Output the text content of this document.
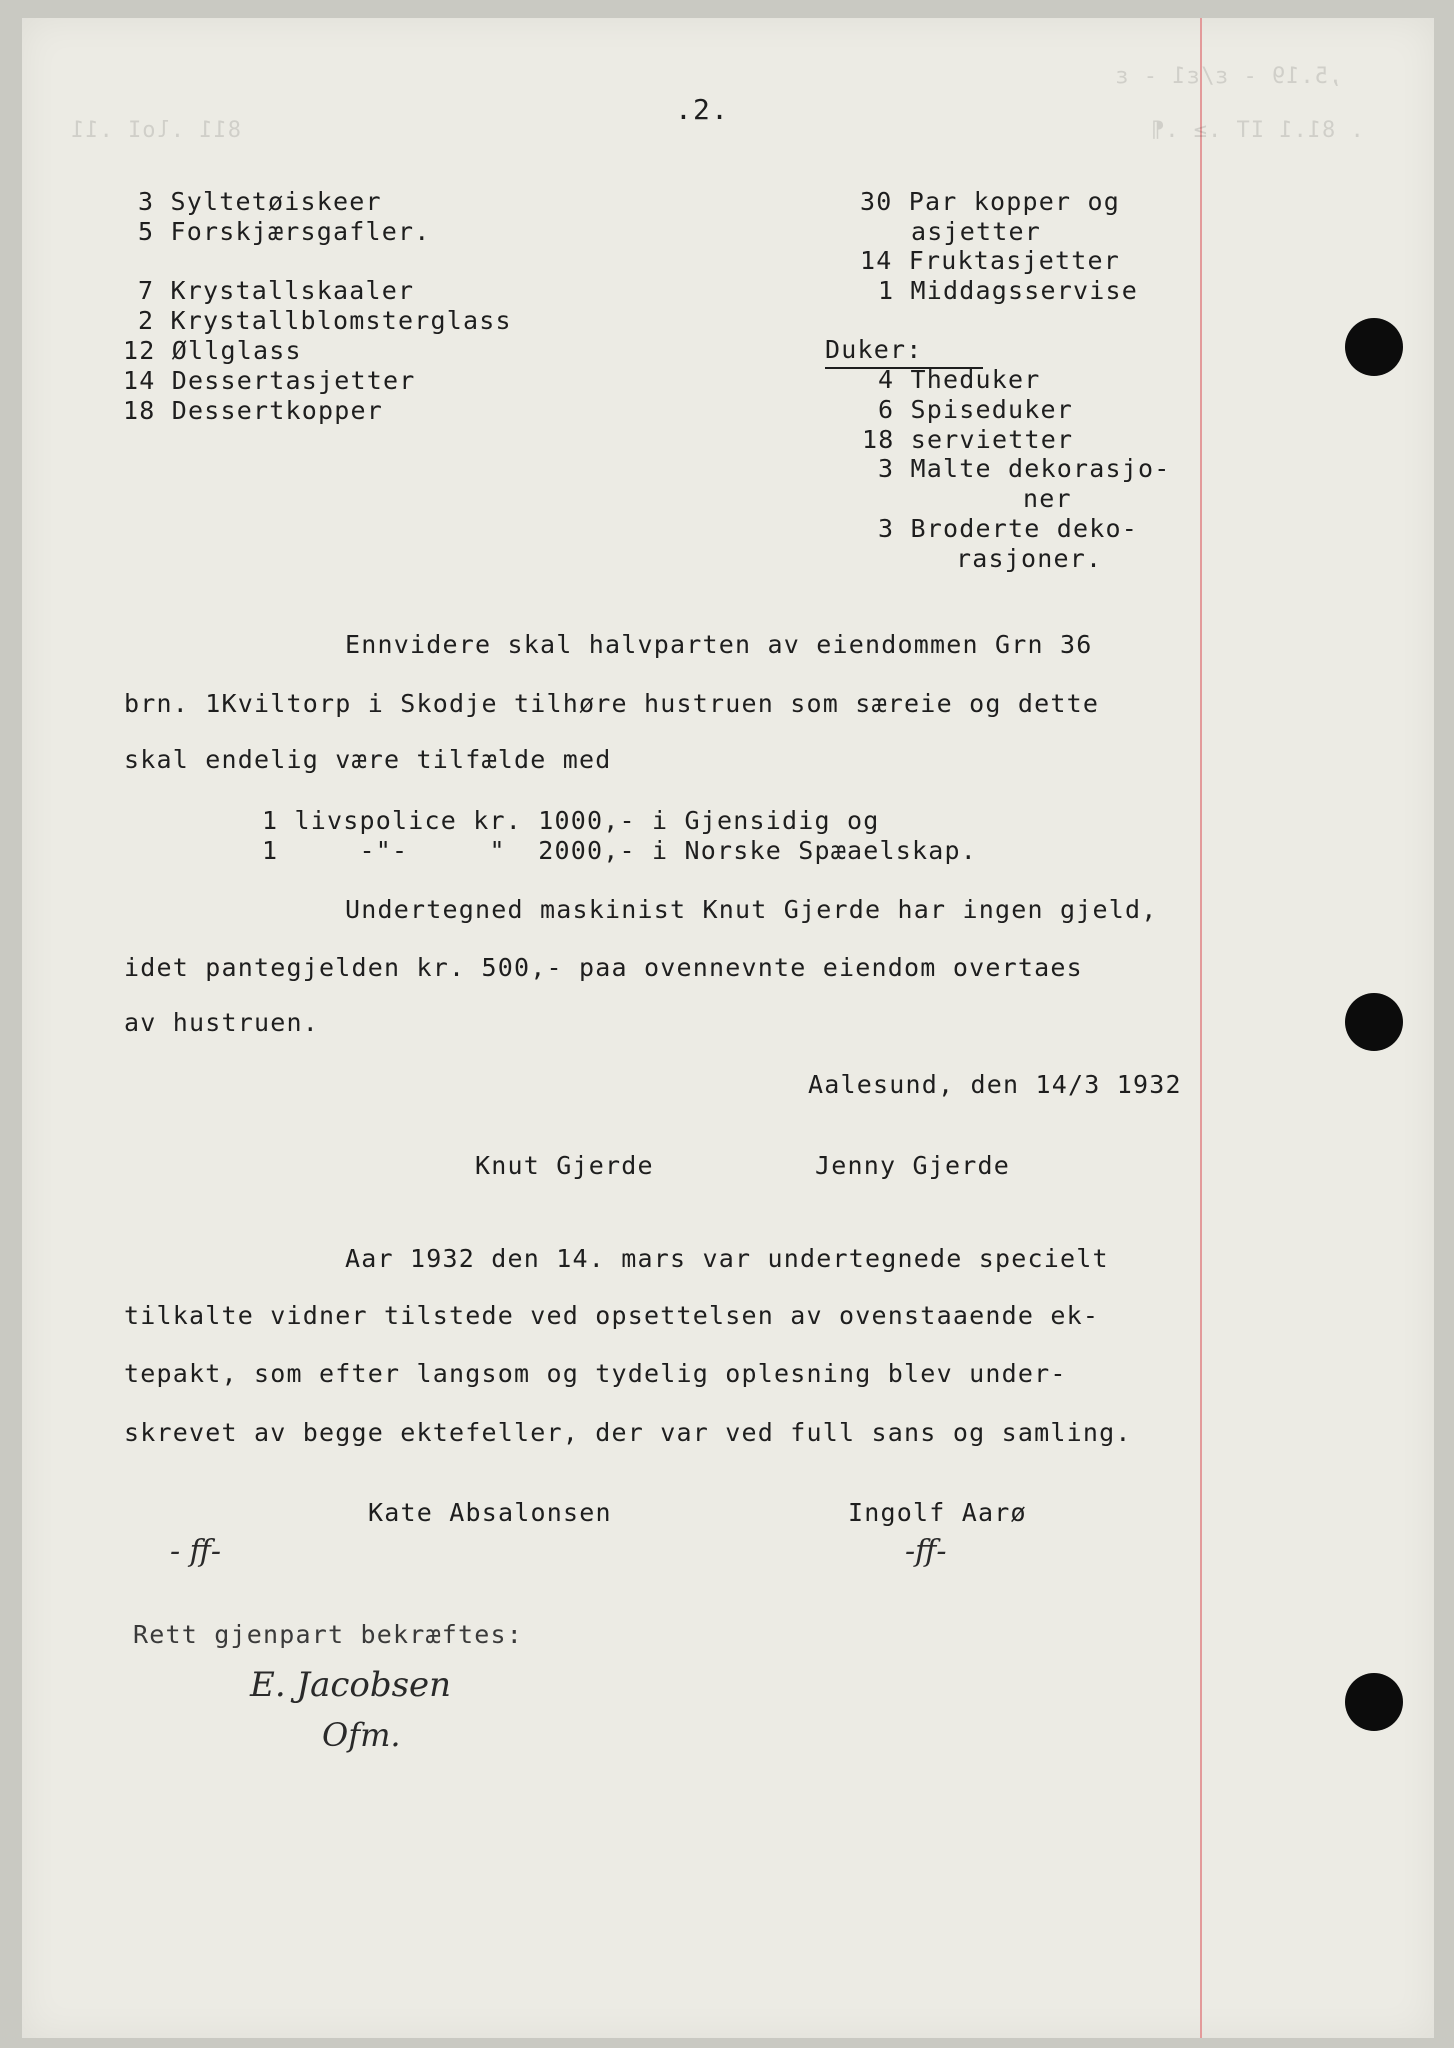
,5.19 - ε/ε1 - ε
. 81.1 IT .≥ .¶
811 .loI .11
.2.
3 Syltetøiskeer
5 Forskjærsgafler.
7 Krystallskaaler
2 Krystallblomsterglass
12 Øllglass
14 Dessertasjetter
18 Dessertkopper
30 Par kopper og
asjetter
14 Fruktasjetter
1 Middagsservise
Duker:
4 Theduker
6 Spiseduker
18 servietter
3 Malte dekorasjo-
ner
3 Broderte deko-
rasjoner.
Ennvidere skal halvparten av eiendommen Grn 36
brn. 1Kviltorp i Skodje tilhøre hustruen som særeie og dette
skal endelig være tilfælde med
1 livspolice kr. 1000,- i Gjensidig og
1     -"-     "  2000,- i Norske Spæaelskap.
Undertegned maskinist Knut Gjerde har ingen gjeld,
idet pantegjelden kr. 500,- paa ovennevnte eiendom overtaes
av hustruen.
Aalesund, den 14/3 1932
Knut Gjerde	Jenny Gjerde
Aar 1932 den 14. mars var undertegnede specielt
tilkalte vidner tilstede ved opsettelsen av ovenstaaende ek-
tepakt, som efter langsom og tydelig oplesning blev under-
skrevet av begge ektefeller, der var ved full sans og samling.
Kate Absalonsen	Ingolf Aarø
- ff-	-ff-
Rett gjenpart bekræftes:
E. Jacobsen
Ofm.
